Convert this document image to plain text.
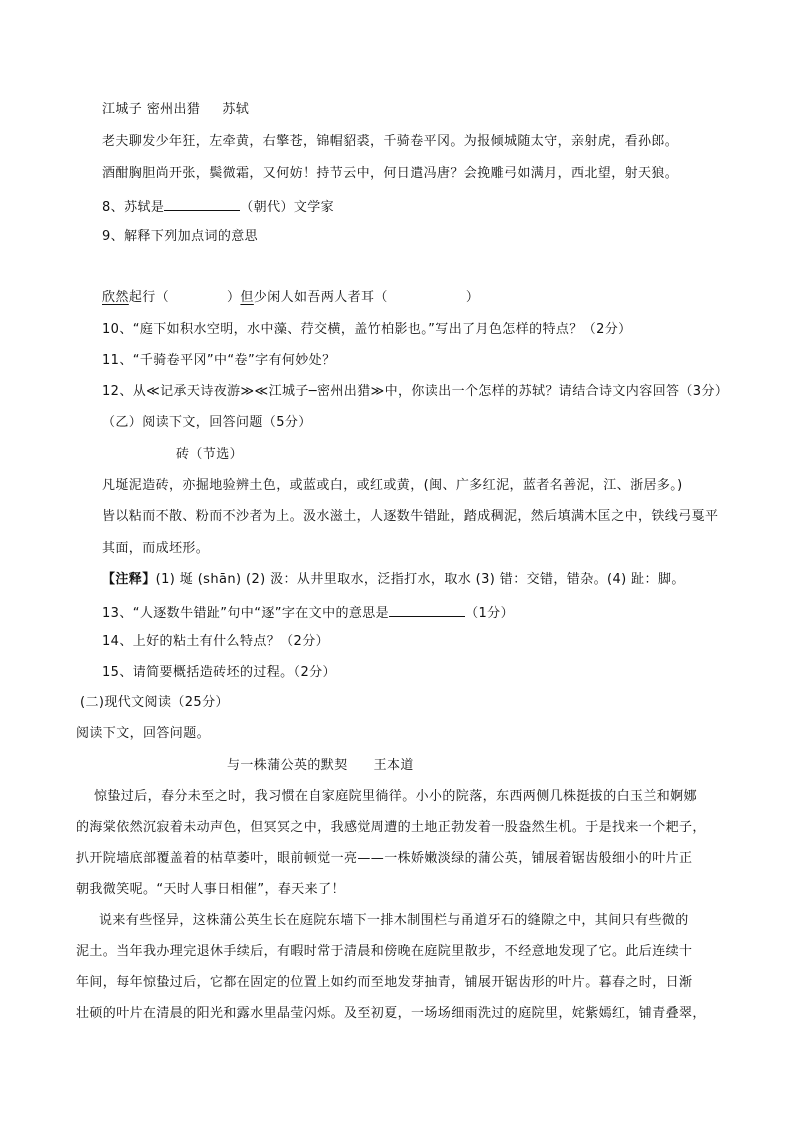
江城子 密州出猎 苏轼
老夫聊发少年狂，左牵黄，右擎苍，锦帽貂裘，千骑卷平冈。为报倾城随太守，亲射虎，看孙郎。
酒酣胸胆尚开张，鬓微霜，又何妨！持节云中，何日遣冯唐？会挽雕弓如满月，西北望，射天狼。
8、苏轼是	（朝代）文学家
9、解释下列加点词的意思
欣然起行（	）但少闲人如吾两人者耳（	）
10、“庭下如积水空明，水中藻、荇交横，盖竹柏影也。”写出了月色怎样的特点？（2分）
11、“千骑卷平冈”中“卷”字有何妙处？
12、从≪记承天诗夜游≫≪江城子─密州出猎≫中，你读出一个怎样的苏轼？请结合诗文内容回答（3分）
（乙）阅读下文，回答问题（5分）
砖（节选）
凡埏泥造砖，亦掘地验辨土色，或蓝或白，或红或黄，(闽、广多红泥，蓝者名善泥，江、浙居多。)
皆以粘而不散、粉而不沙者为上。汲水滋土，人逐数牛错趾，踏成稠泥，然后填满木匡之中，铁线弓戛平
其面，而成坯形。
【注释】(1) 埏 (shān) (2) 汲：从井里取水，泛指打水，取水 (3) 错：交错，错杂。(4) 趾：脚。
13、“人逐数牛错趾”句中“逐”字在文中的意思是	（1分）
14、上好的粘土有什么特点？（2分）
15、请简要概括造砖坯的过程。（2分）
(二)现代文阅读（25分）
阅读下文，回答问题。
与一株蒲公英的默契 王本道
惊蛰过后，春分未至之时，我习惯在自家庭院里徜徉。小小的院落，东西两侧几株挺拔的白玉兰和婀娜
的海棠依然沉寂着未动声色，但冥冥之中，我感觉周遭的土地正勃发着一股盎然生机。于是找来一个耙子，
扒开院墙底部覆盖着的枯草萎叶，眼前顿觉一亮——一株娇嫩淡绿的蒲公英，铺展着锯齿般细小的叶片正
朝我微笑呢。“天时人事日相催”，春天来了！
说来有些怪异，这株蒲公英生长在庭院东墙下一排木制围栏与甬道牙石的缝隙之中，其间只有些微的
泥土。当年我办理完退休手续后，有暇时常于清晨和傍晚在庭院里散步，不经意地发现了它。此后连续十
年间，每年惊蛰过后，它都在固定的位置上如约而至地发芽抽青，铺展开锯齿形的叶片。暮春之时，日渐
壮硕的叶片在清晨的阳光和露水里晶莹闪烁。及至初夏，一场场细雨洗过的庭院里，姹紫嫣红，铺青叠翠，
